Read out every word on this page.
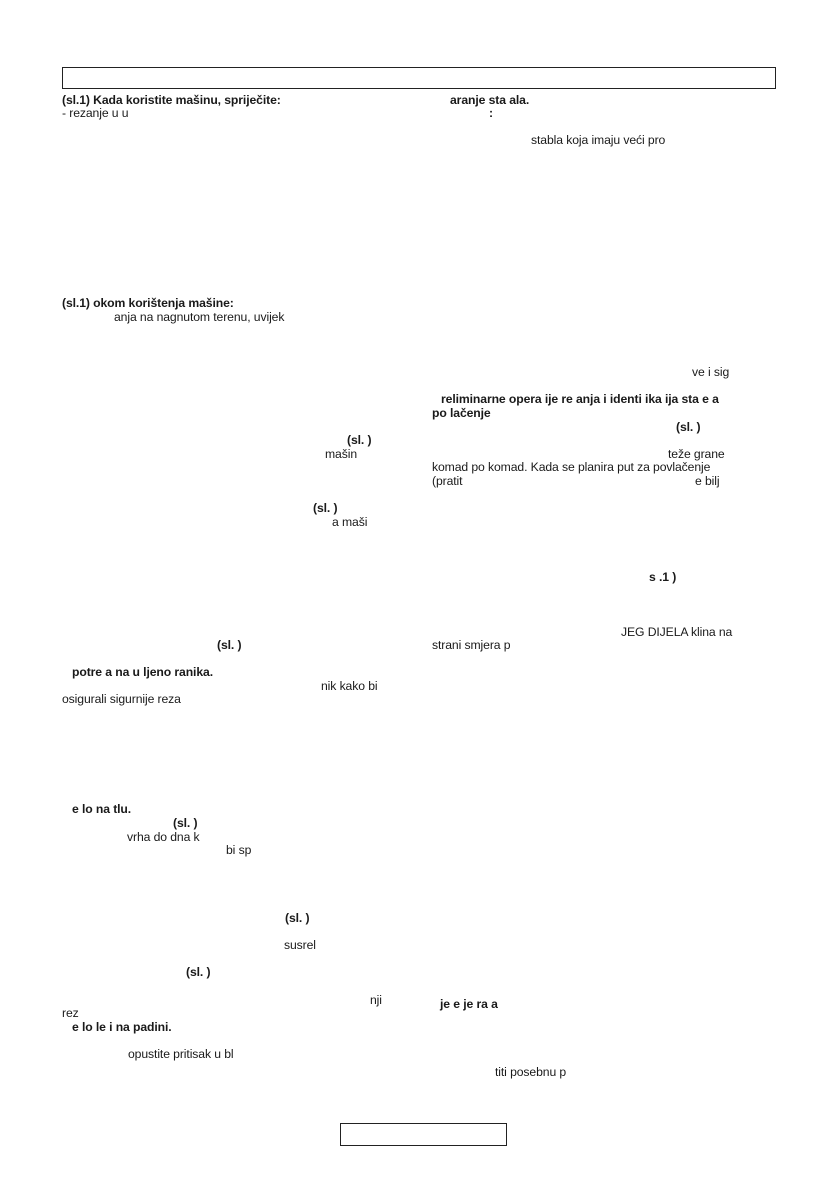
(sl.1) Kada koristite mašinu, spriječite:
- rezanje u u
(sl.1) okom korištenja mašine:
anja na nagnutom terenu, uvijek
(sl. )
mašin
(sl. )
a maši
(sl. )
potre a na u ljeno ranika.
nik kako bi
osigurali sigurnije reza
e lo na tlu.
(sl. )
vrha do dna k
bi sp
(sl. )
susrel
(sl. )
nji
rez
e lo le i na padini.
opustite pritisak u bl
aranje sta ala.
:
stabla koja imaju veći pro
ve i sig
reliminarne opera ije re anja i identi ika ija sta e a
po lačenje
(sl. )
teže grane
komad po komad. Kada se planira put za povlačenje
(pratit	e bilj
s .1 )
JEG DIJELA klina na
strani smjera p
je e je ra a
titi posebnu p
